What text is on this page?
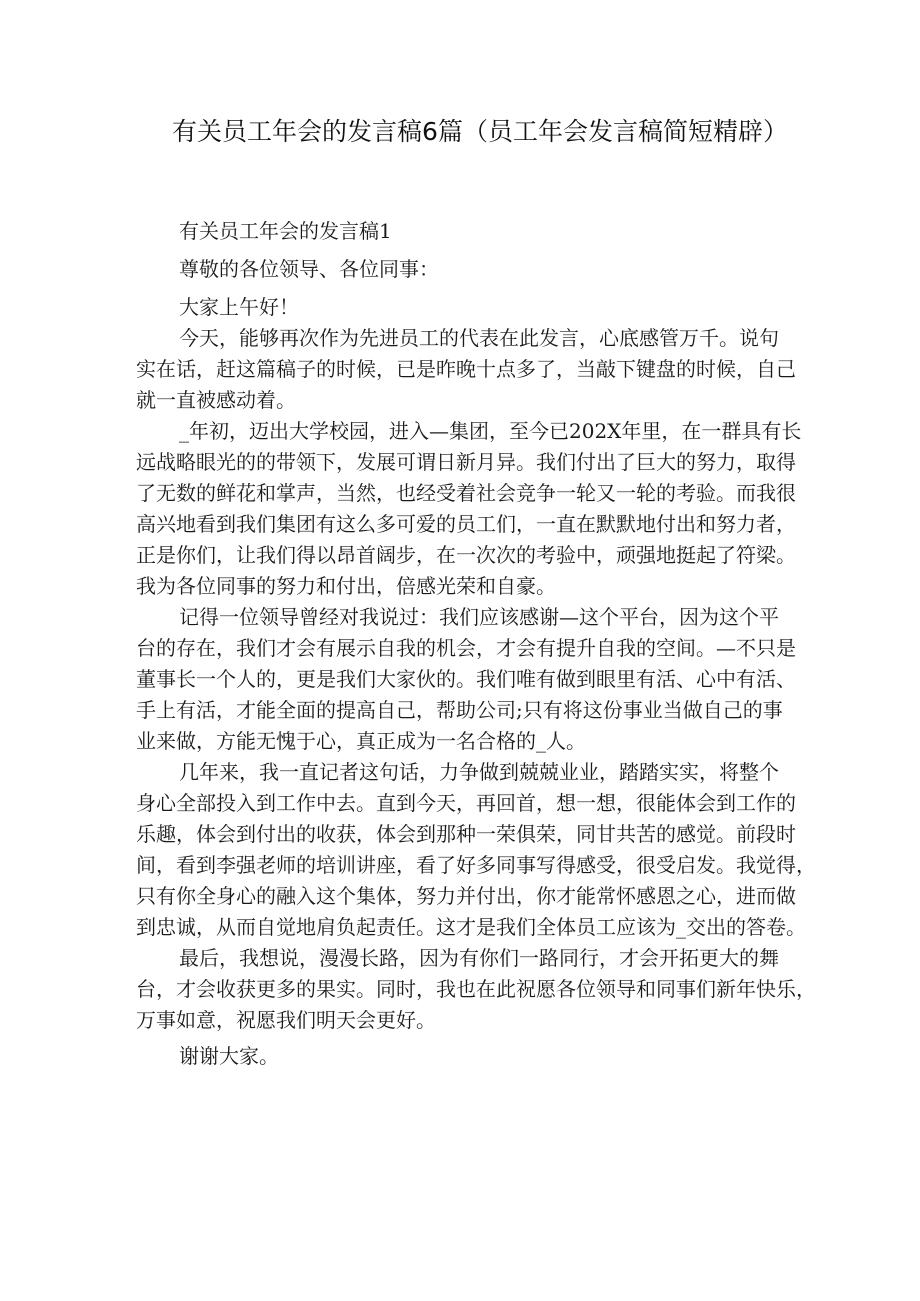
有关员工年会的发言稿6篇（员工年会发言稿简短精辟）

有关员工年会的发言稿1

尊敬的各位领导、各位同事：

大家上午好！

今天，能够再次作为先进员工的代表在此发言，心底感管万千。说句

实在话，赶这篇稿子的时候，已是昨晚十点多了，当敲下键盘的时候，自己

就一直被感动着。

_年初，迈出大学校园，进入—集团，至今已202X年里，在一群具有长

远战略眼光的的带领下，发展可谓日新月异。我们付出了巨大的努力，取得

了无数的鲜花和掌声，当然，也经受着社会竞争一轮又一轮的考验。而我很

高兴地看到我们集团有这么多可爱的员工们，一直在默默地付出和努力者，

正是你们，让我们得以昂首阔步，在一次次的考验中，顽强地挺起了符梁。

我为各位同事的努力和付出，倍感光荣和自豪。

记得一位领导曾经对我说过：我们应该感谢—这个平台，因为这个平

台的存在，我们才会有展示自我的机会，才会有提升自我的空间。—不只是

董事长一个人的，更是我们大家伙的。我们唯有做到眼里有活、心中有活、

手上有活，才能全面的提高自己，帮助公司;只有将这份事业当做自己的事

业来做，方能无愧于心，真正成为一名合格的_人。

几年来，我一直记者这句话，力争做到兢兢业业，踏踏实实，将整个

身心全部投入到工作中去。直到今天，再回首，想一想，很能体会到工作的

乐趣，体会到付出的收获，体会到那种一荣俱荣，同甘共苦的感觉。前段时

间，看到李强老师的培训讲座，看了好多同事写得感受，很受启发。我觉得，

只有你全身心的融入这个集体，努力并付出，你才能常怀感恩之心，进而做

到忠诚，从而自觉地肩负起责任。这才是我们全体员工应该为_交出的答卷。

最后，我想说，漫漫长路，因为有你们一路同行，才会开拓更大的舞

台，才会收获更多的果实。同时，我也在此祝愿各位领导和同事们新年快乐，

万事如意，祝愿我们明天会更好。

谢谢大家。
